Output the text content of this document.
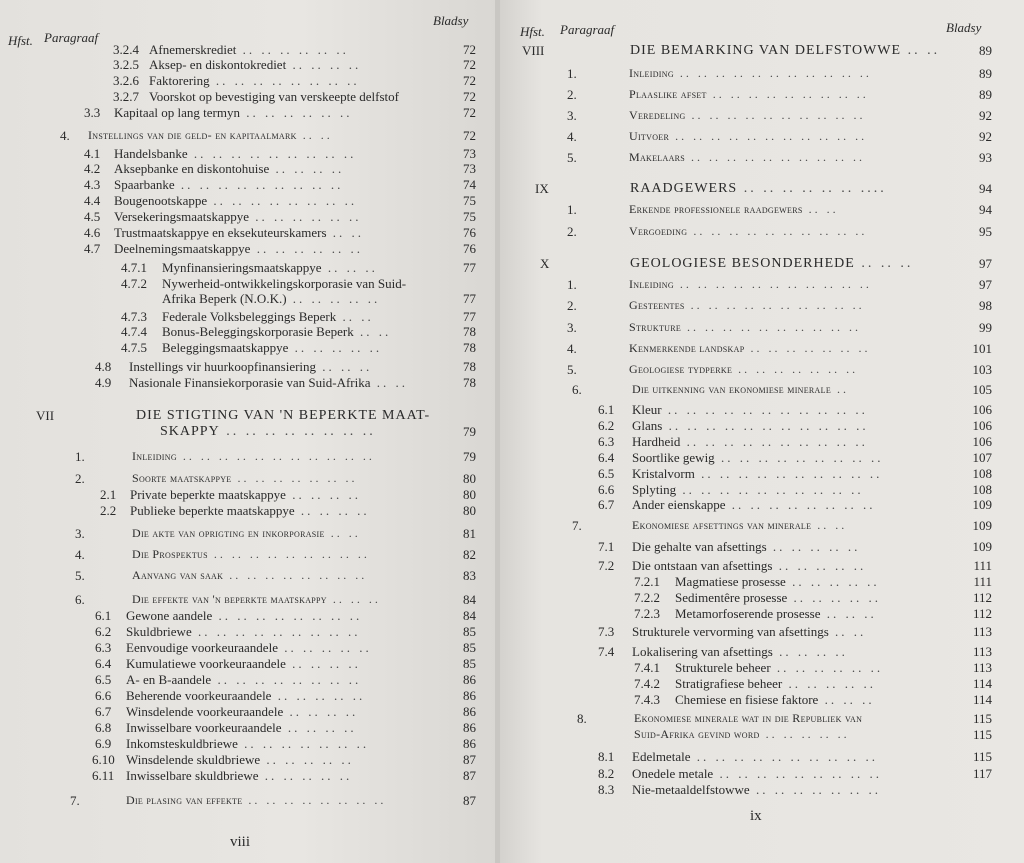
Hfst. Paragraaf
Bladsy
3.2.4 Afnemerskrediet .. .. .. .. .. ..	72
3.2.5 Aksep- en diskontokrediet .. .. .. ..	72
3.2.6 Faktorering .. .. .. .. .. .. .. ..	72
3.2.7 Voorskot op bevestiging van verskeepte delfstof	72
3.3 Kapitaal op lang termyn .. .. .. .. .. ..	72
4. Instellings van die geld- en kapitaalmark .. ..	72
4.1 Handelsbanke .. .. .. .. .. .. .. .. ..	73
4.2 Aksepbanke en diskontohuise .. .. .. ..	73
4.3 Spaarbanke .. .. .. .. .. .. .. .. ..	74
4.4 Bougenootskappe .. .. .. .. .. .. .. ..	75
4.5 Versekeringsmaatskappye .. .. .. .. .. ..	75
4.6 Trustmaatskappye en eksekuteurskamers .. ..	76
4.7 Deelnemingsmaatskappye .. .. .. .. .. ..	76
4.7.1 Mynfinansieringsmaatskappye .. .. ..	77
4.7.2 Nywerheid-ontwikkelingskorporasie van Suid-
Afrika Beperk (N.O.K.) .. .. .. .. ..	77
4.7.3 Federale Volksbeleggings Beperk .. ..	77
4.7.4 Bonus-Beleggingskorporasie Beperk .. ..	78
4.7.5 Beleggingsmaatskappye .. .. .. .. ..	78
4.8 Instellings vir huurkoopfinansiering .. .. ..	78
4.9 Nasionale Finansiekorporasie van Suid-Afrika .. ..	78
VII	DIE STIGTING VAN 'N BEPERKTE MAAT-
SKAPPY .. .. .. .. .. .. .. ..	79
1.	Inleiding .. .. .. .. .. .. .. .. .. .. ..	79
2.	Soorte maatskappye .. .. .. .. .. .. ..	80
2.1 Private beperkte maatskappye .. .. .. ..	80
2.2 Publieke beperkte maatskappye .. .. .. ..	80
3.	Die akte van oprigting en inkorporasie .. ..	81
4.	Die Prospektus .. .. .. .. .. .. .. .. ..	82
5.	Aanvang van saak .. .. .. .. .. .. .. ..	83
6.	Die effekte van 'n beperkte maatskappy .. .. ..	84
6.1 Gewone aandele .. .. .. .. .. .. .. ..	84
6.2 Skuldbriewe .. .. .. .. .. .. .. .. ..	85
6.3 Eenvoudige voorkeuraandele .. .. .. .. ..	85
6.4 Kumulatiewe voorkeuraandele .. .. .. ..	85
6.5 A- en B-aandele .. .. .. .. .. .. .. ..	86
6.6 Beherende voorkeuraandele .. .. .. .. ..	86
6.7 Winsdelende voorkeuraandele .. .. .. ..	86
6.8 Inwisselbare voorkeuraandele .. .. .. ..	86
6.9 Inkomsteskuldbriewe .. .. .. .. .. .. ..	86
6.10 Winsdelende skuldbriewe .. .. .. .. ..	87
6.11 Inwisselbare skuldbriewe .. .. .. .. ..	87
7.	Die plasing van effekte .. .. .. .. .. .. .. ..	87
viii
Hfst. Paragraaf	Bladsy
VIII	DIE BEMARKING VAN DELFSTOWWE .. ..	89
1.	Inleiding .. .. .. .. .. .. .. .. .. .. ..	89
2.	Plaaslike afset .. .. .. .. .. .. .. .. ..	89
3.	Veredeling .. .. .. .. .. .. .. .. .. ..	92
4.	Uitvoer .. .. .. .. .. .. .. .. .. .. ..	92
5.	Makelaars .. .. .. .. .. .. .. .. .. ..	93
IX	RAADGEWERS .. .. .. .. .. .. ....	94
1.	Erkende professionele raadgewers .. ..	94
2.	Vergoeding .. .. .. .. .. .. .. .. .. ..	95
X	GEOLOGIESE BESONDERHEDE .. .. ..	97
1.	Inleiding .. .. .. .. .. .. .. .. .. .. ..	97
2.	Gesteentes .. .. .. .. .. .. .. .. .. ..	98
3.	Strukture .. .. .. .. .. .. .. .. .. ..	99
4.	Kenmerkende landskap .. .. .. .. .. .. ..	101
5.	Geologiese tydperke .. .. .. .. .. .. ..	103
6.	Die uitkenning van ekonomiese minerale ..	105
6.1 Kleur .. .. .. .. .. .. .. .. .. .. ..	106
6.2 Glans .. .. .. .. .. .. .. .. .. .. ..	106
6.3 Hardheid .. .. .. .. .. .. .. .. .. ..	106
6.4 Soortlike gewig .. .. .. .. .. .. .. .. ..	107
6.5 Kristalvorm .. .. .. .. .. .. .. .. .. ..	108
6.6 Splyting .. .. .. .. .. .. .. .. .. ..	108
6.7 Ander eienskappe .. .. .. .. .. .. .. ..	109
7.	Ekonomiese afsettings van minerale .. ..	109
7.1 Die gehalte van afsettings .. .. .. .. ..	109
7.2 Die ontstaan van afsettings .. .. .. .. ..	111
7.2.1 Magmatiese prosesse .. .. .. .. ..	111
7.2.2 Sedimentêre prosesse .. .. .. .. ..	112
7.2.3 Metamorfoserende prosesse .. .. ..	112
7.3 Strukturele vervorming van afsettings .. ..	113
7.4 Lokalisering van afsettings .. .. .. ..	113
7.4.1 Strukturele beheer .. .. .. .. .. ..	113
7.4.2 Stratigrafiese beheer .. .. .. .. ..	114
7.4.3 Chemiese en fisiese faktore .. .. ..	114
8.	Ekonomiese minerale wat in die Republiek van	115
Suid-Afrika gevind word .. .. .. .. ..	115
8.1 Edelmetale .. .. .. .. .. .. .. .. .. ..	115
8.2 Onedele metale .. .. .. .. .. .. .. .. ..	117
8.3 Nie-metaaldelfstowwe .. .. .. .. .. .. ..
ix
